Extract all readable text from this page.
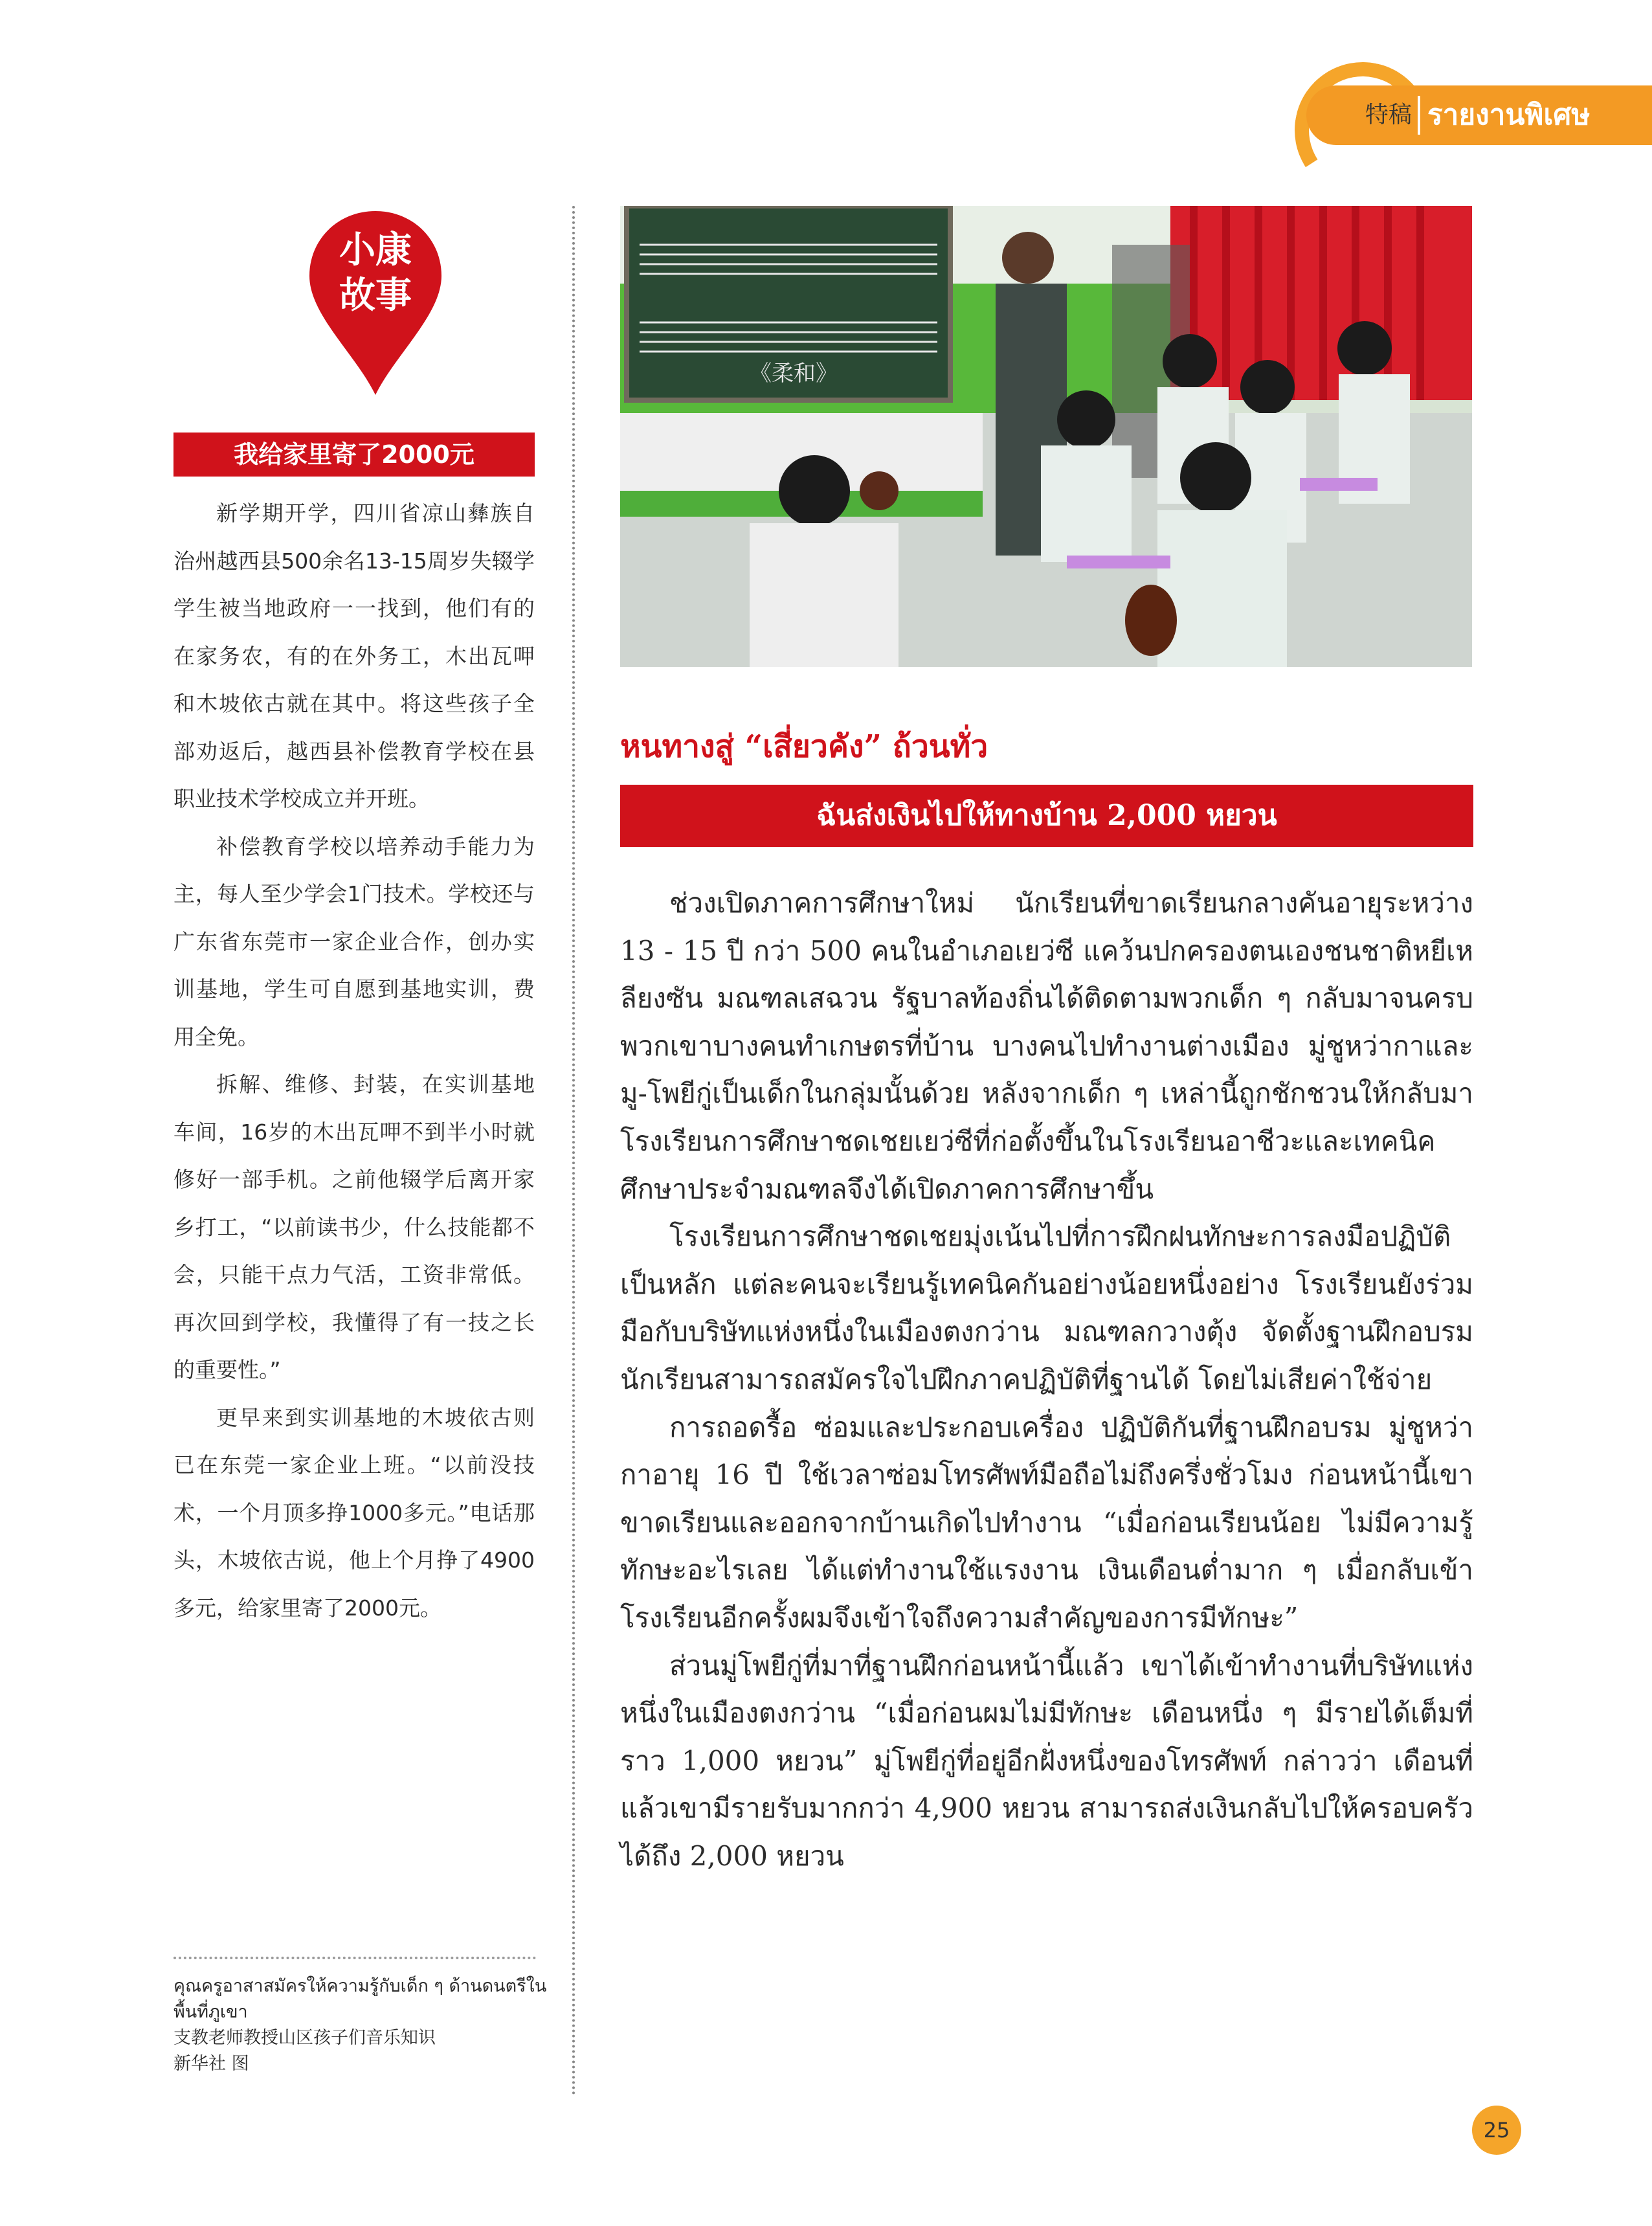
特稿 รายงานพิเศษ
小康
故事
我给家里寄了2000元

新学期开学，四川省凉山彝族自治州越西县500余名13-15周岁失辍学学生被当地政府一一找到，他们有的在家务农，有的在外务工，木出瓦呷和木坡依古就在其中。将这些孩子全部劝返后，越西县补偿教育学校在县职业技术学校成立并开班。

补偿教育学校以培养动手能力为主，每人至少学会1门技术。学校还与广东省东莞市一家企业合作，创办实训基地，学生可自愿到基地实训，费用全免。

拆解、维修、封装，在实训基地车间，16岁的木出瓦呷不到半小时就修好一部手机。之前他辍学后离开家乡打工，“以前读书少，什么技能都不会，只能干点力气活，工资非常低。再次回到学校，我懂得了有一技之长的重要性。”

更早来到实训基地的木坡依古则已在东莞一家企业上班。“以前没技术，一个月顶多挣1000多元。”电话那头，木坡依古说，他上个月挣了4900多元，给家里寄了2000元。

คุณครูอาสาสมัครให้ความรู้กับเด็ก ๆ ด้านดนตรีในพื้นที่ภูเขา
支教老师教授山区孩子们音乐知识
新华社 图
《柔和》
หนทางสู่ “เสี่ยวคัง” ถ้วนทั่ว
ฉันส่งเงินไปให้ทางบ้าน 2,000 หยวน

ช่วงเปิดภาคการศึกษาใหม่ นักเรียนที่ขาดเรียนกลางคันอายุระหว่าง 13 - 15 ปี กว่า 500 คนในอำเภอเยว่ซี แคว้นปกครองตนเองชนชาติหยีเหลียงซัน มณฑลเสฉวน รัฐบาลท้องถิ่นได้ติดตามพวกเด็ก ๆ กลับมาจนครบ พวกเขาบางคนทำเกษตรที่บ้าน บางคนไปทำงานต่างเมือง มู่ชูหว่ากาและมู-โพยีกู่เป็นเด็กในกลุ่มนั้นด้วย หลังจากเด็ก ๆ เหล่านี้ถูกชักชวนให้กลับมาโรงเรียนการศึกษาชดเชยเยว่ซีที่ก่อตั้งขึ้นในโรงเรียนอาชีวะและเทคนิคศึกษาประจำมณฑลจึงได้เปิดภาคการศึกษาขึ้น

โรงเรียนการศึกษาชดเชยมุ่งเน้นไปที่การฝึกฝนทักษะการลงมือปฏิบัติเป็นหลัก แต่ละคนจะเรียนรู้เทคนิคกันอย่างน้อยหนึ่งอย่าง โรงเรียนยังร่วมมือกับบริษัทแห่งหนึ่งในเมืองตงกว่าน มณฑลกวางตุ้ง จัดตั้งฐานฝึกอบรม นักเรียนสามารถสมัครใจไปฝึกภาคปฏิบัติที่ฐานได้ โดยไม่เสียค่าใช้จ่าย

การถอดรื้อ ซ่อมและประกอบเครื่อง ปฏิบัติกันที่ฐานฝึกอบรม มู่ชูหว่ากาอายุ 16 ปี ใช้เวลาซ่อมโทรศัพท์มือถือไม่ถึงครึ่งชั่วโมง ก่อนหน้านี้เขาขาดเรียนและออกจากบ้านเกิดไปทำงาน “เมื่อก่อนเรียนน้อย ไม่มีความรู้ทักษะอะไรเลย ได้แต่ทำงานใช้แรงงาน เงินเดือนต่ำมาก ๆ เมื่อกลับเข้าโรงเรียนอีกครั้งผมจึงเข้าใจถึงความสำคัญของการมีทักษะ”

ส่วนมู่โพยีกู่ที่มาที่ฐานฝึกก่อนหน้านี้แล้ว เขาได้เข้าทำงานที่บริษัทแห่งหนึ่งในเมืองตงกว่าน “เมื่อก่อนผมไม่มีทักษะ เดือนหนึ่ง ๆ มีรายได้เต็มที่ราว 1,000 หยวน” มู่โพยีกู่ที่อยู่อีกฝั่งหนึ่งของโทรศัพท์ กล่าวว่า เดือนที่แล้วเขามีรายรับมากกว่า 4,900 หยวน สามารถส่งเงินกลับไปให้ครอบครัวได้ถึง 2,000 หยวน

25
